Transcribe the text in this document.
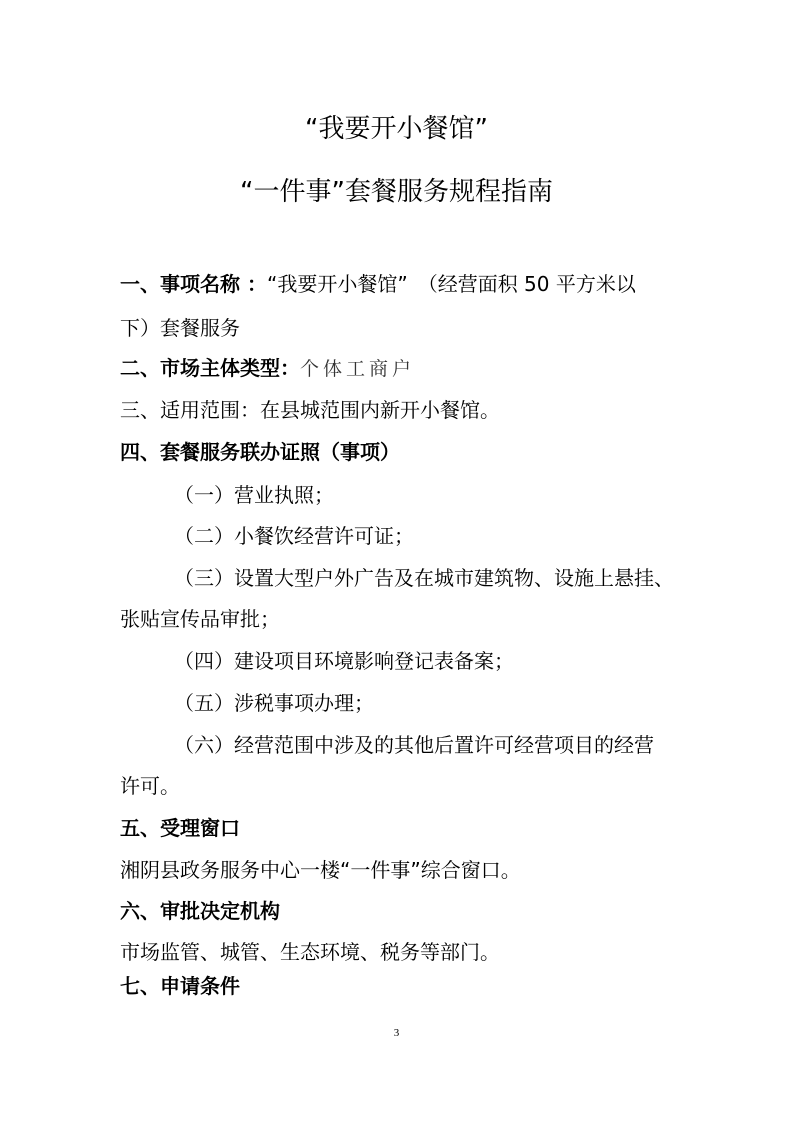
“我要开小餐馆”
“一件事”套餐服务规程指南
一、事项名称 ：“我要开小餐馆”　（经营面积 50 平方米以
下）套餐服务
二、市场主体类型：个体工商户
三、适用范围：在县城范围内新开小餐馆。
四、套餐服务联办证照（事项）
（一）营业执照；
（二）小餐饮经营许可证；
（三）设置大型户外广告及在城市建筑物、设施上悬挂、
张贴宣传品审批；
（四）建设项目环境影响登记表备案；
（五）涉税事项办理；
（六）经营范围中涉及的其他后置许可经营项目的经营
许可。
五、受理窗口
湘阴县政务服务中心一楼“一件事”综合窗口。
六、审批决定机构
市场监管、城管、生态环境、税务等部门。
七、申请条件
3
